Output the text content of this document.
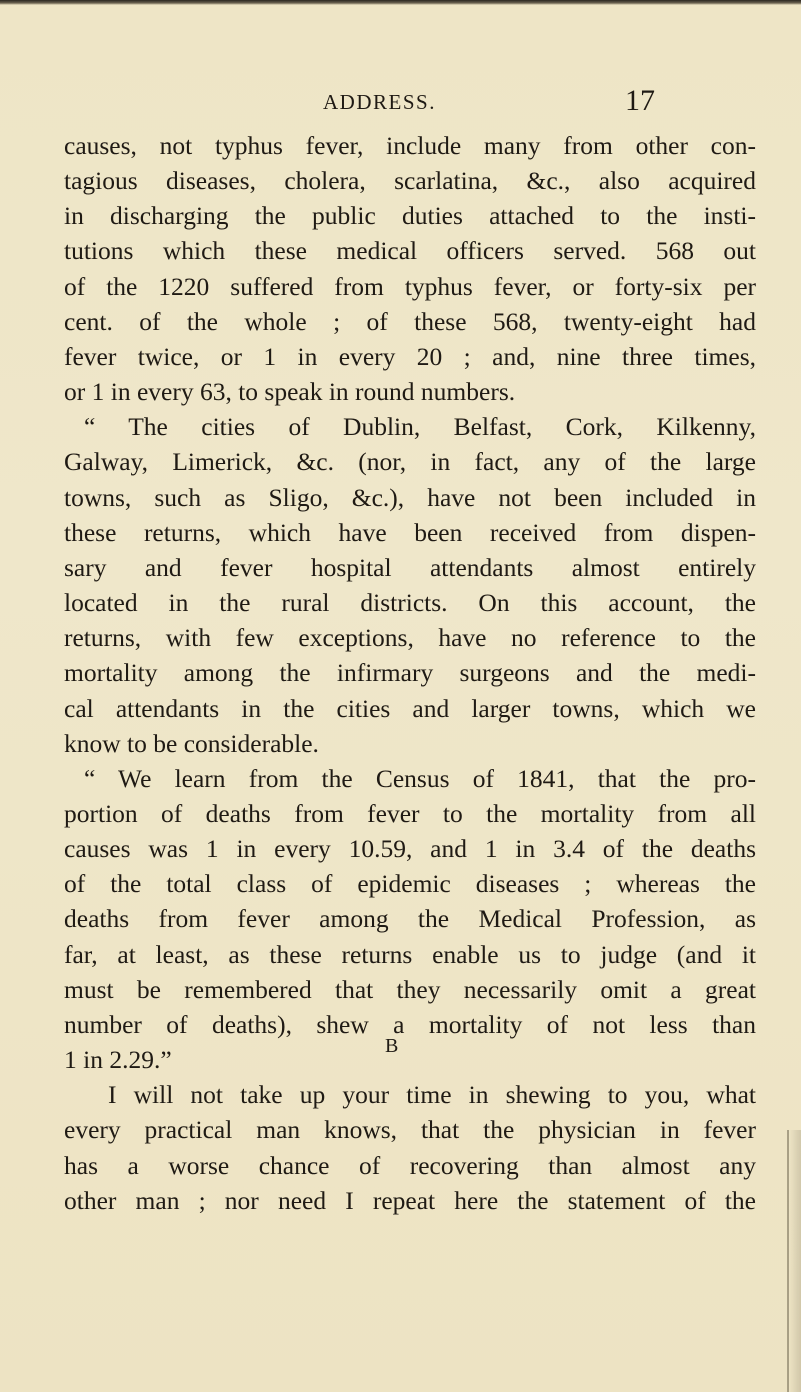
ADDRESS.	17
causes, not typhus fever, include many from other con-
tagious diseases, cholera, scarlatina, &c., also acquired
in discharging the public duties attached to the insti-
tutions which these medical officers served. 568 out
of the 1220 suffered from typhus fever, or forty-six per
cent. of the whole ; of these 568, twenty-eight had
fever twice, or 1 in every 20 ; and, nine three times,
or 1 in every 63, to speak in round numbers.
“ The cities of Dublin, Belfast, Cork, Kilkenny,
Galway, Limerick, &c. (nor, in fact, any of the large
towns, such as Sligo, &c.), have not been included in
these returns, which have been received from dispen-
sary and fever hospital attendants almost entirely
located in the rural districts. On this account, the
returns, with few exceptions, have no reference to the
mortality among the infirmary surgeons and the medi-
cal attendants in the cities and larger towns, which we
know to be considerable.
“ We learn from the Census of 1841, that the pro-
portion of deaths from fever to the mortality from all
causes was 1 in every 10.59, and 1 in 3.4 of the deaths
of the total class of epidemic diseases ; whereas the
deaths from fever among the Medical Profession, as
far, at least, as these returns enable us to judge (and it
must be remembered that they necessarily omit a great
number of deaths), shew a mortality of not less than
1 in 2.29.”
I will not take up your time in shewing to you, what
every practical man knows, that the physician in fever
has a worse chance of recovering than almost any
other man ; nor need I repeat here the statement of the
B
